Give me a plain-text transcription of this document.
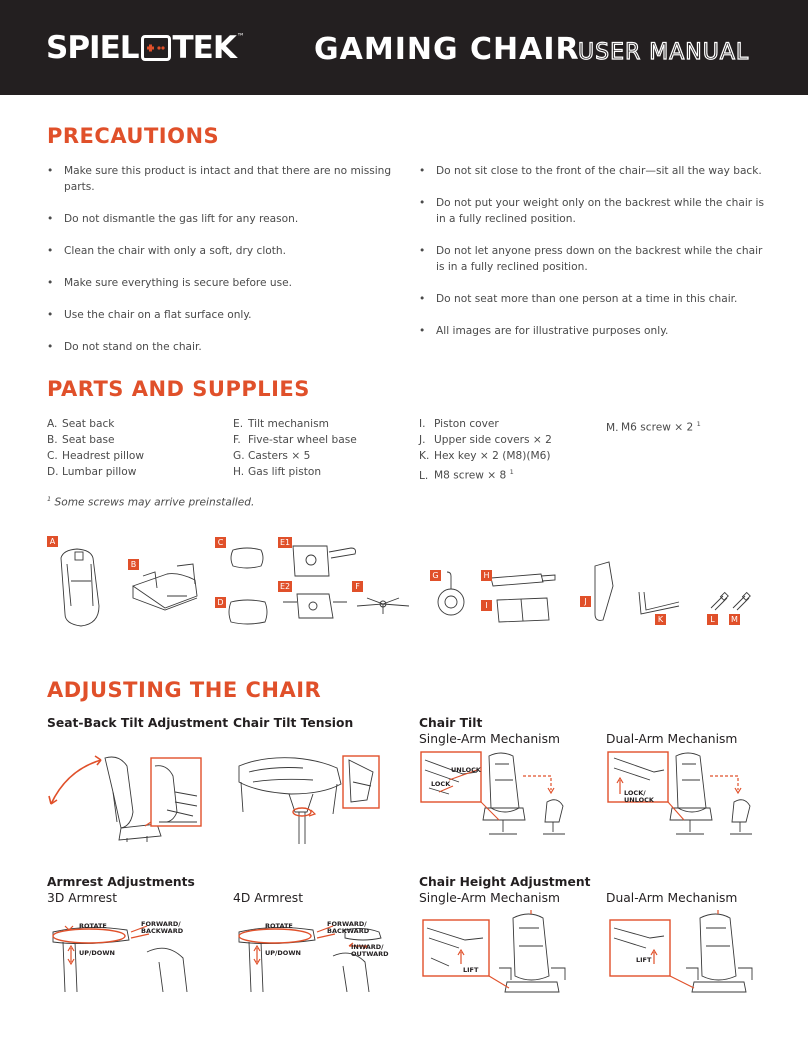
SPIEL TEK ™ GAMING CHAIR
USER MANUAL
PRECAUTIONS
• Make sure this product is intact and that there are no missing parts.
• Do not dismantle the gas lift for any reason.
• Clean the chair with only a soft, dry cloth.
• Make sure everything is secure before use.
• Use the chair on a flat surface only.
• Do not stand on the chair.
• Do not sit close to the front of the chair—sit all the way back.
• Do not put your weight only on the backrest while the chair is in a fully reclined position.
• Do not let anyone press down on the backrest while the chair is in a fully reclined position.
• Do not seat more than one person at a time in this chair.
• All images are for illustrative purposes only.
PARTS AND SUPPLIES
A. Seat back
B. Seat base
C. Headrest pillow
D. Lumbar pillow
E. Tilt mechanism
F. Five-star wheel base
G. Casters × 5
H. Gas lift piston
I. Piston cover
J. Upper side covers × 2
K. Hex key × 2 (M8)(M6)
L. M8 screw × 8 $^1$
M. M6 screw × 2 $^1$
$^1$ Some screws may arrive preinstalled.
A
B
C
D
E1
E2	F
G	H
I	J
K	L	M
ADJUSTING THE CHAIR
Seat-Back Tilt Adjustment Chair Tilt Tension	Chair Tilt
Single-Arm Mechanism	Dual-Arm Mechanism
UNLOCK
LOCK
LOCK/
UNLOCK
Armrest Adjustments
3D Armrest	4D Armrest
Chair Height Adjustment
Single-Arm Mechanism	Dual-Arm Mechanism
ROTATE	FORWARD/
BACKWARD
UP/DOWN
ROTATE	FORWARD/
BACKWARD
UP/DOWN
INWARD/
OUTWARD
LIFT
LIFT
